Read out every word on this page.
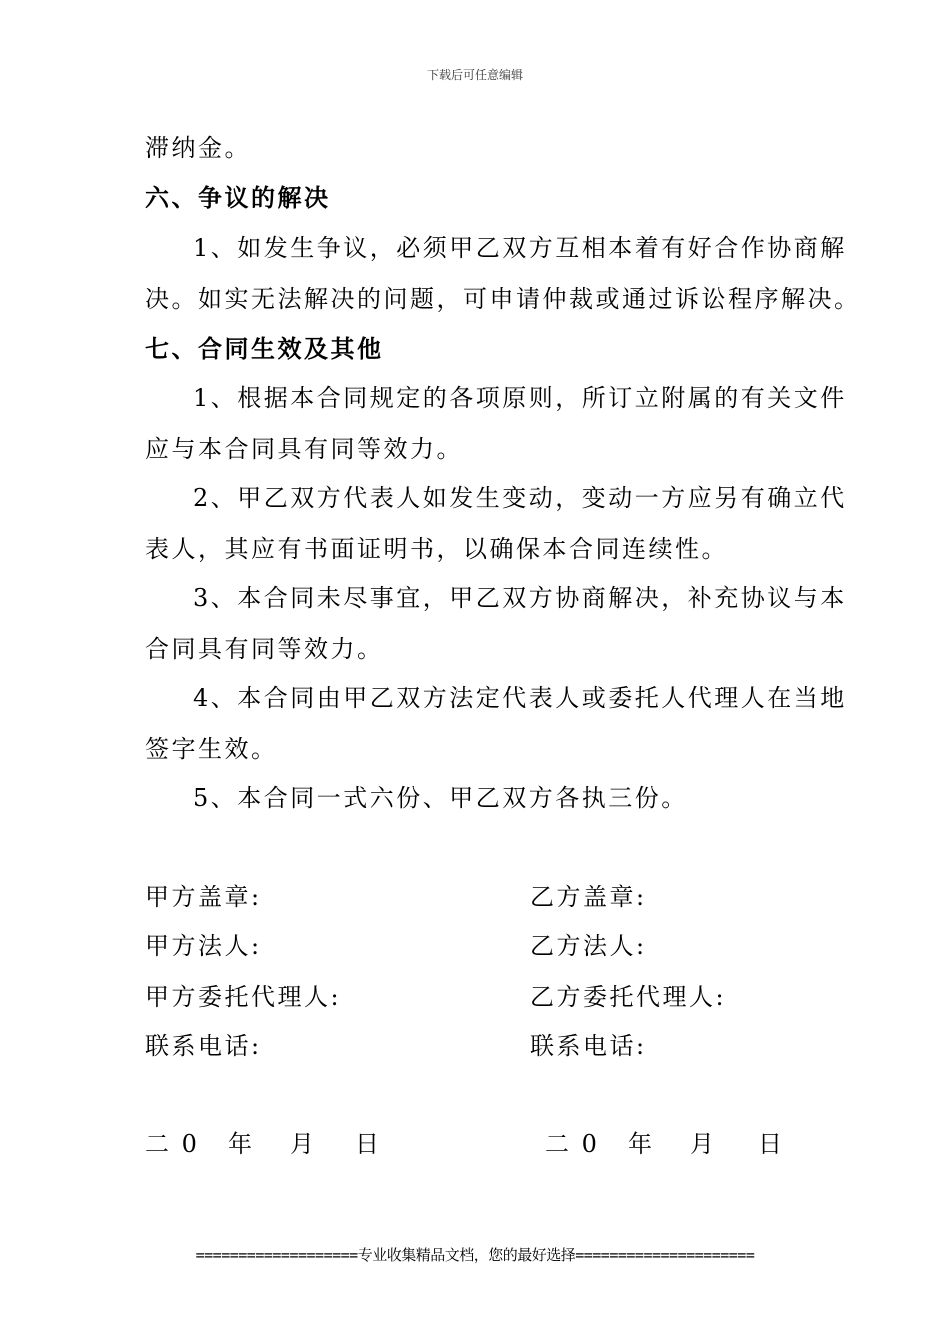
下载后可任意编辑
滞纳金。
六、争议的解决
1、如发生争议，必须甲乙双方互相本着有好合作协商解
决。如实无法解决的问题，可申请仲裁或通过诉讼程序解决。
七、合同生效及其他
1、根据本合同规定的各项原则，所订立附属的有关文件
应与本合同具有同等效力。
2、甲乙双方代表人如发生变动，变动一方应另有确立代
表人，其应有书面证明书，以确保本合同连续性。
3、本合同未尽事宜，甲乙双方协商解决，补充协议与本
合同具有同等效力。
4、本合同由甲乙双方法定代表人或委托人代理人在当地
签字生效。
5、本合同一式六份、甲乙双方各执三份。
甲方盖章:	乙方盖章:
甲方法人:	乙方法人:
甲方委托代理人:	乙方委托代理人:
联系电话:	联系电话:
二 0 年 月 日	二 0 年 月 日
===================专业收集精品文档，您的最好选择=====================
